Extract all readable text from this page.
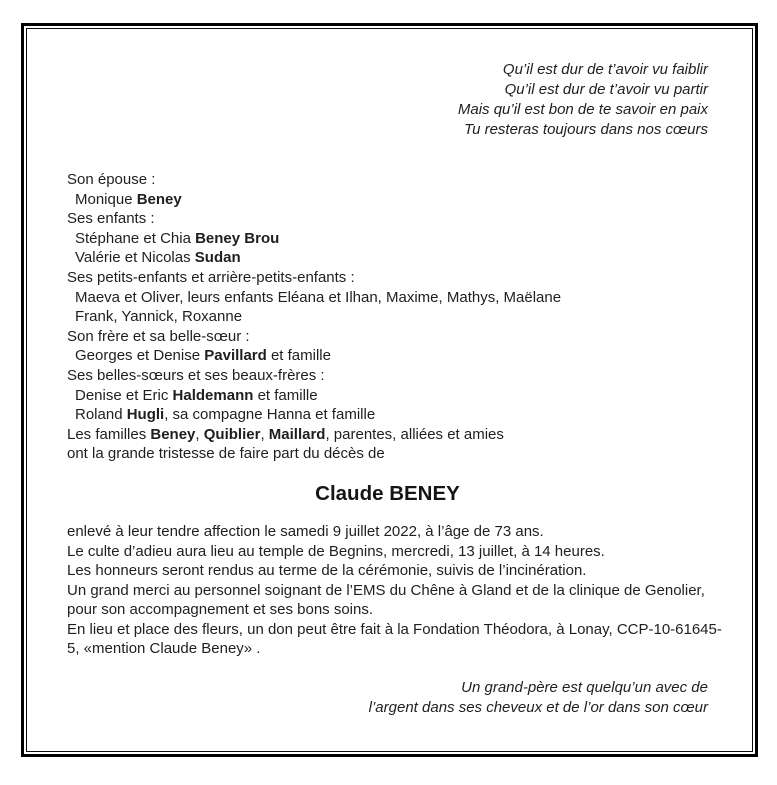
Qu’il est dur de t’avoir vu faiblir
Qu’il est dur de t’avoir vu partir
Mais qu’il est bon de te savoir en paix
Tu resteras toujours dans nos cœurs
Son épouse :
Monique Beney
Ses enfants :
Stéphane et Chia Beney Brou
Valérie et Nicolas Sudan
Ses petits-enfants et arrière-petits-enfants :
Maeva et Oliver, leurs enfants Eléana et Ilhan, Maxime, Mathys, Maëlane
Frank, Yannick, Roxanne
Son frère et sa belle-sœur :
Georges et Denise Pavillard et famille
Ses belles-sœurs et ses beaux-frères :
Denise et Eric Haldemann et famille
Roland Hugli, sa compagne Hanna et famille
Les familles Beney, Quiblier, Maillard, parentes, alliées et amies
ont la grande tristesse de faire part du décès de
Claude BENEY
enlevé à leur tendre affection le samedi 9 juillet 2022, à l’âge de 73 ans.
Le culte d’adieu aura lieu au temple de Begnins, mercredi, 13 juillet, à 14 heures.
Les honneurs seront rendus au terme de la cérémonie, suivis de l’incinération.
Un grand merci au personnel soignant de l’EMS du Chêne à Gland et de la clinique de Genolier,
pour son accompagnement et ses bons soins.
En lieu et place des fleurs, un don peut être fait à la Fondation Théodora, à Lonay, CCP-10-61645-
5, «mention Claude Beney» .
Un grand-père est quelqu’un avec de
l’argent dans ses cheveux et de l’or dans son cœur
